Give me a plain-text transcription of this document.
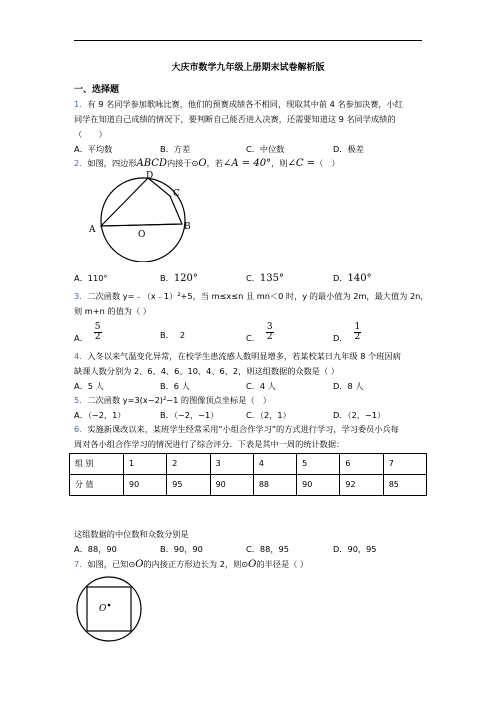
大庆市数学九年级上册期末试卷解析版
一、选择题
1．有 9 名同学参加歌咏比赛，他们的预赛成绩各不相同，现取其中前 4 名参加决赛，小红
同学在知道自己成绩的情况下，要判断自己能否进入决赛，还需要知道这 9 名同学成绩的
（　　）
A．平均数	B．方差	C．中位数	D．极差
2．如图，四边形ABCD内接于⊙O，若∠A = 40°，则∠C =（　）
A	B
C
D
O
A．110°	B．120°	C．135°	D．140°
3．二次函数 y=﹣（x﹣1）²+5，当 m≤x≤n 且 mn＜0 时，y 的最小值为 2m，最大值为 2n，
则 m+n 的值为（ ）
A． $\frac{5}{2}$	B． 2	C． $\frac{3}{2}$	D． $\frac{1}{2}$
4．入冬以来气温变化异常，在校学生患流感人数明显增多，若某校某日九年级 8 个班因病
缺课人数分别为 2、6、4、6、10、4、6、2，则这组数据的众数是（ ）
A．5 人	B．6 人	C．4 人	D．8 人
5．二次函数 y=3(x−2)²−1 的图像顶点坐标是（　）
A．（−2，1）	B．（−2，−1）	C．（2，1）	D．（2，−1）
6．实施新课改以来，某班学生经常采用“小组合作学习”的方式进行学习，学习委员小兵每
周对各小组合作学习的情况进行了综合评分．下表是其中一周的统计数据：
组 别	1	2	3	4	5	6	7
分 值	90	95	90	88	90	92	85
这组数据的中位数和众数分别是
A．88，90	B．90，90	C．88，95	D．90，95
7．如图，已知⊙O的内接正方形边长为 2，则⊙O的半径是（ ）
O
